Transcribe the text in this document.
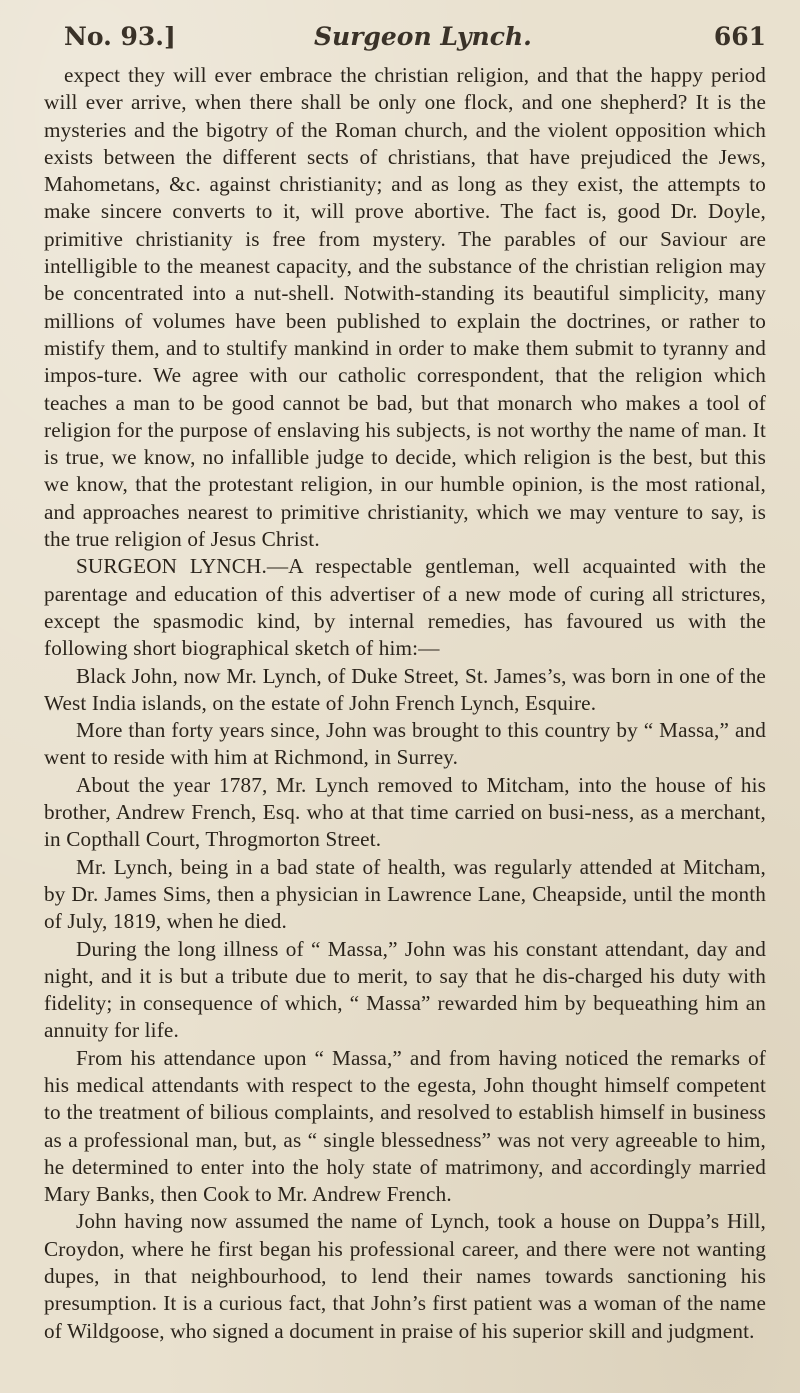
No. 93.]	Surgeon Lynch.	661

expect they will ever embrace the christian religion, and that the happy period will ever arrive, when there shall be only one flock, and one shepherd? It is the mysteries and the bigotry of the Roman church, and the violent opposition which exists between the different sects of christians, that have prejudiced the Jews, Mahometans, &c. against christianity; and as long as they exist, the attempts to make sincere converts to it, will prove abortive. The fact is, good Dr. Doyle, primitive christianity is free from mystery. The parables of our Saviour are intelligible to the meanest capacity, and the substance of the christian religion may be concentrated into a nut-shell. Notwith-standing its beautiful simplicity, many millions of volumes have been published to explain the doctrines, or rather to mistify them, and to stultify mankind in order to make them submit to tyranny and impos-ture. We agree with our catholic correspondent, that the religion which teaches a man to be good cannot be bad, but that monarch who makes a tool of religion for the purpose of enslaving his subjects, is not worthy the name of man. It is true, we know, no infallible judge to decide, which religion is the best, but this we know, that the protestant religion, in our humble opinion, is the most rational, and approaches nearest to primitive christianity, which we may venture to say, is the true religion of Jesus Christ.

SURGEON LYNCH.—A respectable gentleman, well acquainted with the parentage and education of this advertiser of a new mode of curing all strictures, except the spasmodic kind, by internal remedies, has favoured us with the following short biographical sketch of him:—

Black John, now Mr. Lynch, of Duke Street, St. James’s, was born in one of the West India islands, on the estate of John French Lynch, Esquire.

More than forty years since, John was brought to this country by “ Massa,” and went to reside with him at Richmond, in Surrey.

About the year 1787, Mr. Lynch removed to Mitcham, into the house of his brother, Andrew French, Esq. who at that time carried on busi-ness, as a merchant, in Copthall Court, Throgmorton Street.

Mr. Lynch, being in a bad state of health, was regularly attended at Mitcham, by Dr. James Sims, then a physician in Lawrence Lane, Cheapside, until the month of July, 1819, when he died.

During the long illness of “ Massa,” John was his constant attendant, day and night, and it is but a tribute due to merit, to say that he dis-charged his duty with fidelity; in consequence of which, “ Massa” rewarded him by bequeathing him an annuity for life.

From his attendance upon “ Massa,” and from having noticed the remarks of his medical attendants with respect to the egesta, John thought himself competent to the treatment of bilious complaints, and resolved to establish himself in business as a professional man, but, as “ single blessedness” was not very agreeable to him, he determined to enter into the holy state of matrimony, and accordingly married Mary Banks, then Cook to Mr. Andrew French.

John having now assumed the name of Lynch, took a house on Duppa’s Hill, Croydon, where he first began his professional career, and there were not wanting dupes, in that neighbourhood, to lend their names towards sanctioning his presumption. It is a curious fact, that John’s first patient was a woman of the name of Wildgoose, who signed a document in praise of his superior skill and judgment.
